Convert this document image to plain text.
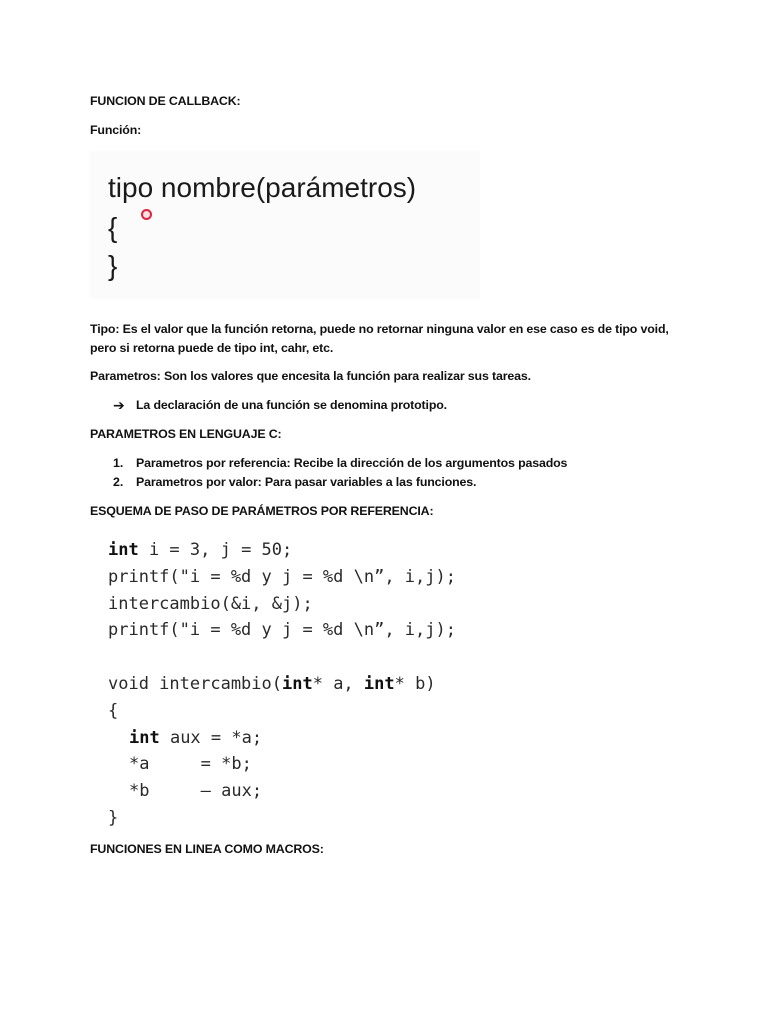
FUNCION DE CALLBACK:
Función:
tipo nombre(parámetros)
{
}
Tipo: Es el valor que la función retorna, puede no retornar ninguna valor en ese caso es de tipo void, pero si retorna puede de tipo int, cahr, etc.
Parametros: Son los valores que encesita la función para realizar sus tareas.
➔ La declaración de una función se denomina prototipo.
PARAMETROS EN LENGUAJE C:
1. Parametros por referencia: Recibe la dirección de los argumentos pasados
2. Parametros por valor: Para pasar variables a las funciones.
ESQUEMA DE PASO DE PARÁMETROS POR REFERENCIA:
int i = 3, j = 50;
printf("i = %d y j = %d \n”, i,j);
intercambio(&i, &j);
printf("i = %d y j = %d \n”, i,j);

void intercambio(int* a, int* b)
{
int aux = *a;
*a     = *b;
*b     — aux;
}
FUNCIONES EN LINEA COMO MACROS:
